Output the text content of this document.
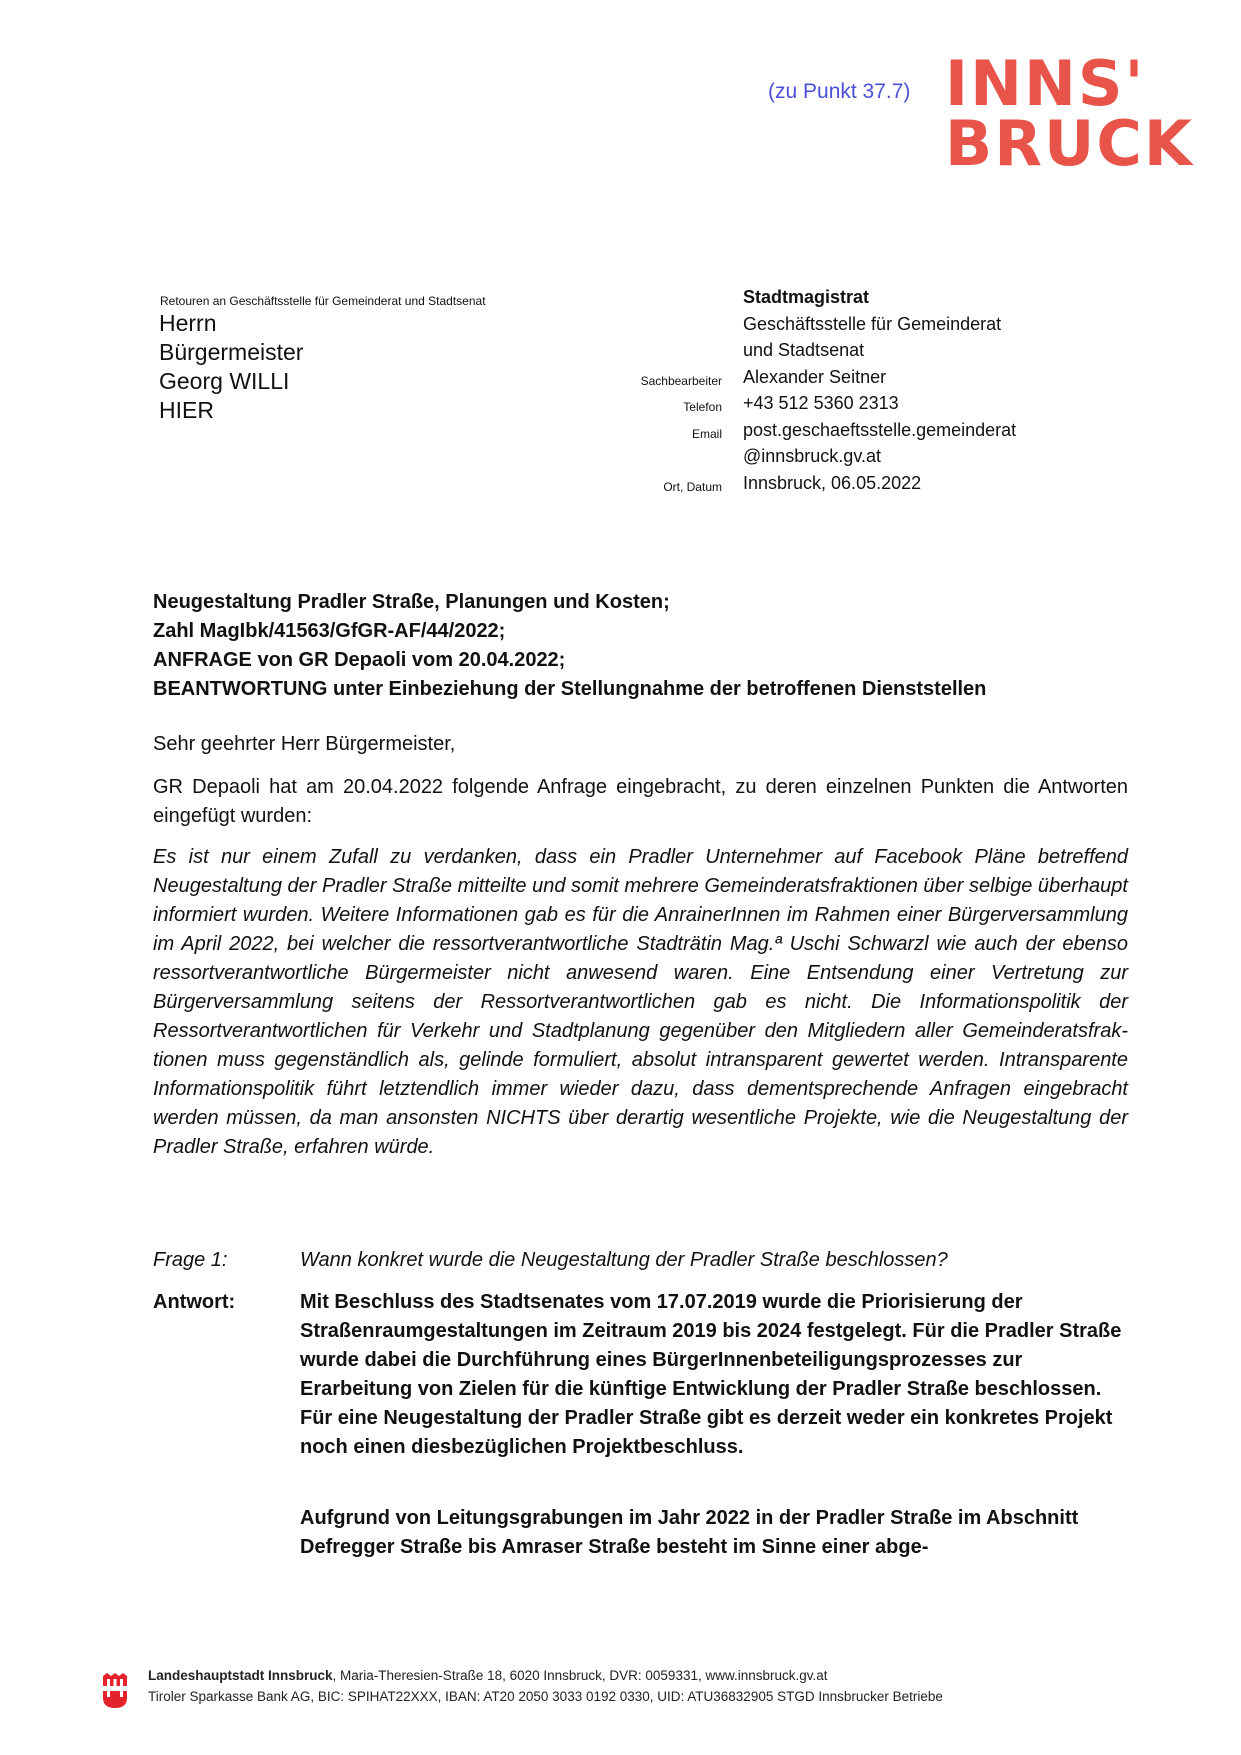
(zu Punkt 37.7) INNS'
BRUCK
Retouren an Geschäftsstelle für Gemeinderat und Stadtsenat
Herrn
Bürgermeister
Georg WILLI
HIER
Sachbearbeiter
Telefon
Email
Ort, Datum
Stadtmagistrat
Geschäftsstelle für Gemeinderat
und Stadtsenat
Alexander Seitner
+43 512 5360 2313
post.geschaeftsstelle.gemeinderat
@innsbruck.gv.at
Innsbruck, 06.05.2022
Neugestaltung Pradler Straße, Planungen und Kosten;
Zahl MagIbk/41563/GfGR-AF/44/2022;
ANFRAGE von GR Depaoli vom 20.04.2022;
BEANTWORTUNG unter Einbeziehung der Stellungnahme der betroffenen Dienststellen
Sehr geehrter Herr Bürgermeister,
GR Depaoli hat am 20.04.2022 folgende Anfrage eingebracht, zu deren einzelnen Punkten die Antworten eingefügt wurden:
Es ist nur einem Zufall zu verdanken, dass ein Pradler Unternehmer auf Facebook Pläne betreffend Neugestaltung der Pradler Straße mitteilte und somit mehrere Gemeinderatsfraktionen über selbige überhaupt informiert wurden. Weitere Informationen gab es für die AnrainerInnen im Rahmen einer Bürgerversammlung im April 2022, bei welcher die ressortverantwortliche Stadträtin Mag.ª Uschi Schwarzl wie auch der ebenso ressortverantwortliche Bürgermeister nicht anwesend waren. Eine Entsendung einer Vertretung zur Bürgerversammlung seitens der Ressortverantwortlichen gab es nicht. Die Informationspolitik der Ressortverantwortlichen für Verkehr und Stadtplanung gegenüber den Mitgliedern aller Gemeinderatsfraktionen muss gegenständlich als, gelinde formuliert, absolut intransparent gewertet werden. Intransparente Informationspolitik führt letztendlich immer wieder dazu, dass dementsprechende Anfragen eingebracht werden müssen, da man ansonsten NICHTS über derartig wesentliche Projekte, wie die Neugestaltung der Pradler Straße, erfahren würde.
Frage 1:	Wann konkret wurde die Neugestaltung der Pradler Straße beschlossen?
Antwort:	Mit Beschluss des Stadtsenates vom 17.07.2019 wurde die Priorisierung der Straßenraumgestaltungen im Zeitraum 2019 bis 2024 festgelegt. Für die Pradler Straße wurde dabei die Durchführung eines BürgerInnenbeteiligungsprozesses zur Erarbeitung von Zielen für die künftige Entwicklung der Pradler Straße beschlossen. Für eine Neugestaltung der Pradler Straße gibt es derzeit weder ein konkretes Projekt noch einen diesbezüglichen Projektbeschluss.
Aufgrund von Leitungsgrabungen im Jahr 2022 in der Pradler Straße im Abschnitt Defregger Straße bis Amraser Straße besteht im Sinne einer abge-
Landeshauptstadt Innsbruck, Maria-Theresien-Straße 18, 6020 Innsbruck, DVR: 0059331, www.innsbruck.gv.at
Tiroler Sparkasse Bank AG, BIC: SPIHAT22XXX, IBAN: AT20 2050 3033 0192 0330, UID: ATU36832905 STGD Innsbrucker Betriebe
